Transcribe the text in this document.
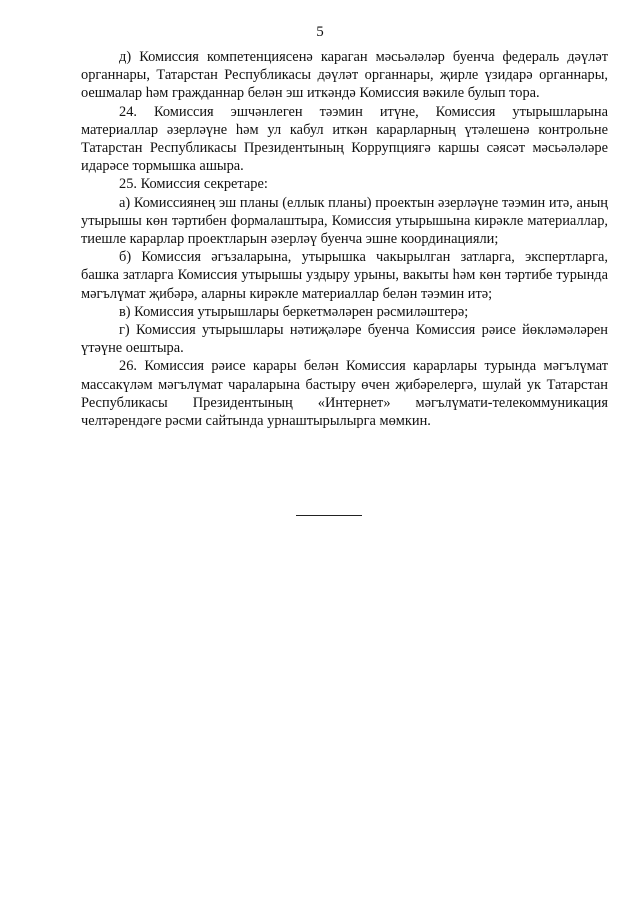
5

д) Комиссия компетенциясенә караган мәсьәләләр буенча федераль дәүләт органнары, Татарстан Республикасы дәүләт органнары, җирле үзидарә органнары, оешмалар һәм гражданнар белән эш иткәндә Комиссия вәкиле булып тора.

24. Комиссия эшчәнлеген тәэмин итүне, Комиссия утырышларына материаллар әзерләүне һәм ул кабул иткән карарларның үтәлешенә контрольне Татарстан Республикасы Президентының Коррупциягә каршы сәясәт мәсьәләләре идарәсе тормышка ашыра.

25. Комиссия секретаре:

а) Комиссиянең эш планы (еллык планы) проектын әзерләүне тәэмин итә, аның утырышы көн тәртибен формалаштыра, Комиссия утырышына кирәкле материаллар, тиешле карарлар проектларын әзерләү буенча эшне координацияли;

б) Комиссия әгъзаларына, утырышка чакырылган затларга, экспертларга, башка затларга Комиссия утырышы уздыру урыны, вакыты һәм көн тәртибе турында мәгълүмат җибәрә, аларны кирәкле материаллар белән тәэмин итә;

в) Комиссия утырышлары беркетмәләрен рәсмиләштерә;

г) Комиссия утырышлары нәтиҗәләре буенча Комиссия рәисе йөкләмәләрен үтәүне оештыра.

26. Комиссия рәисе карары белән Комиссия карарлары турында мәгълүмат массакүләм мәгълүмат чараларына бастыру өчен җибәрелергә, шулай ук Татарстан Республикасы Президентының «Интернет» мәгълүмати-телекоммуникация челтәрендәге рәсми сайтында урнаштырылырга мөмкин.
